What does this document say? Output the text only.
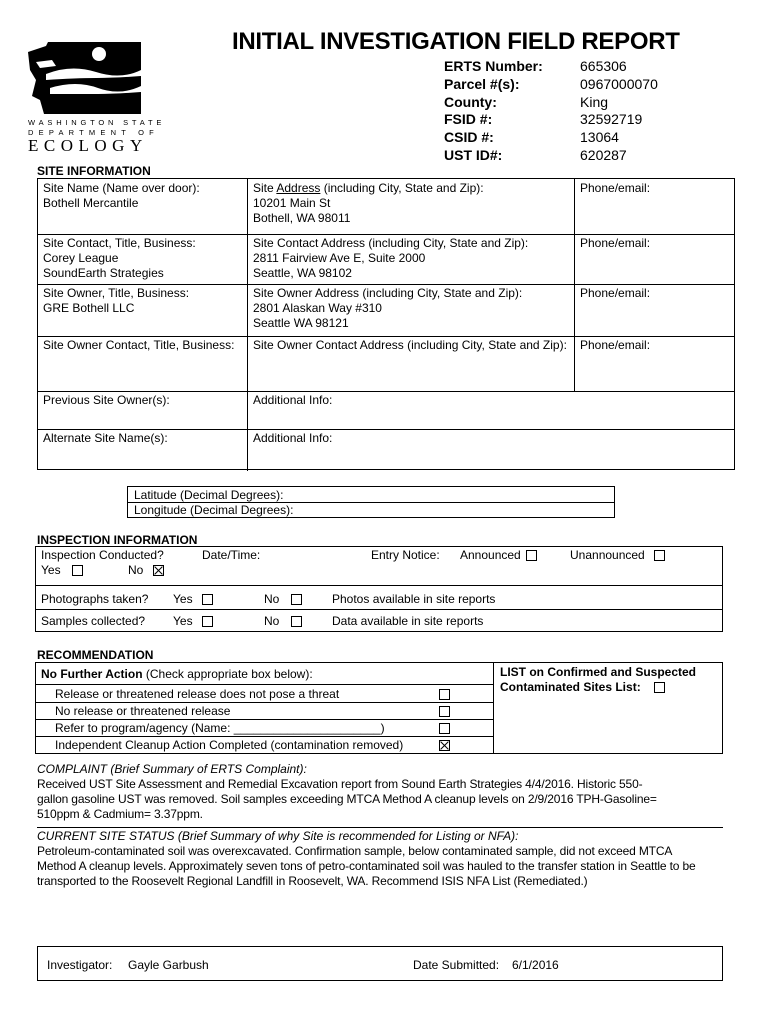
WASHINGTON STATE
DEPARTMENT OF
ECOLOGY
INITIAL INVESTIGATION FIELD REPORT
ERTS Number:	665306
Parcel #(s):	0967000070
County:	King
FSID #:	32592719
CSID #:	13064
UST ID#:	620287
SITE INFORMATION
Site Name (Name over door):
Bothell Mercantile
Site Address (including City, State and Zip):
10201 Main St
Bothell, WA 98011
Phone/email:
Site Contact, Title, Business:
Corey League
SoundEarth Strategies
Site Contact Address (including City, State and Zip):
2811 Fairview Ave E, Suite 2000
Seattle, WA 98102
Phone/email:
Site Owner, Title, Business:
GRE Bothell LLC
Site Owner Address (including City, State and Zip):
2801 Alaskan Way #310
Seattle WA 98121
Phone/email:
Site Owner Contact, Title, Business:	Site Owner Contact Address (including City, State and Zip):	Phone/email:
Previous Site Owner(s):	Additional Info:
Alternate Site Name(s):	Additional Info:
Latitude (Decimal Degrees):
Longitude (Decimal Degrees):
INSPECTION INFORMATION
Inspection Conducted?
Yes	No
Date/Time:	Entry Notice: Announced	Unannounced
Photographs taken? Yes	No	Photos available in site reports
Samples collected? Yes	No	Data available in site reports
RECOMMENDATION
No Further Action (Check appropriate box below):
Release or threatened release does not pose a threat
No release or threatened release
Refer to program/agency (Name: ______________________)
Independent Cleanup Action Completed (contamination removed)
LIST on Confirmed and Suspected
Contaminated Sites List:
COMPLAINT (Brief Summary of ERTS Complaint):
Received UST Site Assessment and Remedial Excavation report from Sound Earth Strategies 4/4/2016. Historic 550-
gallon gasoline UST was removed. Soil samples exceeding MTCA Method A cleanup levels on 2/9/2016 TPH-Gasoline=
510ppm & Cadmium= 3.37ppm.
CURRENT SITE STATUS (Brief Summary of why Site is recommended for Listing or NFA):
Petroleum-contaminated soil was overexcavated. Confirmation sample, below contaminated sample, did not exceed MTCA
Method A cleanup levels. Approximately seven tons of petro-contaminated soil was hauled to the transfer station in Seattle to be
transported to the Roosevelt Regional Landfill in Roosevelt, WA. Recommend ISIS NFA List (Remediated.)
Investigator: Gayle Garbush	Date Submitted: 6/1/2016
